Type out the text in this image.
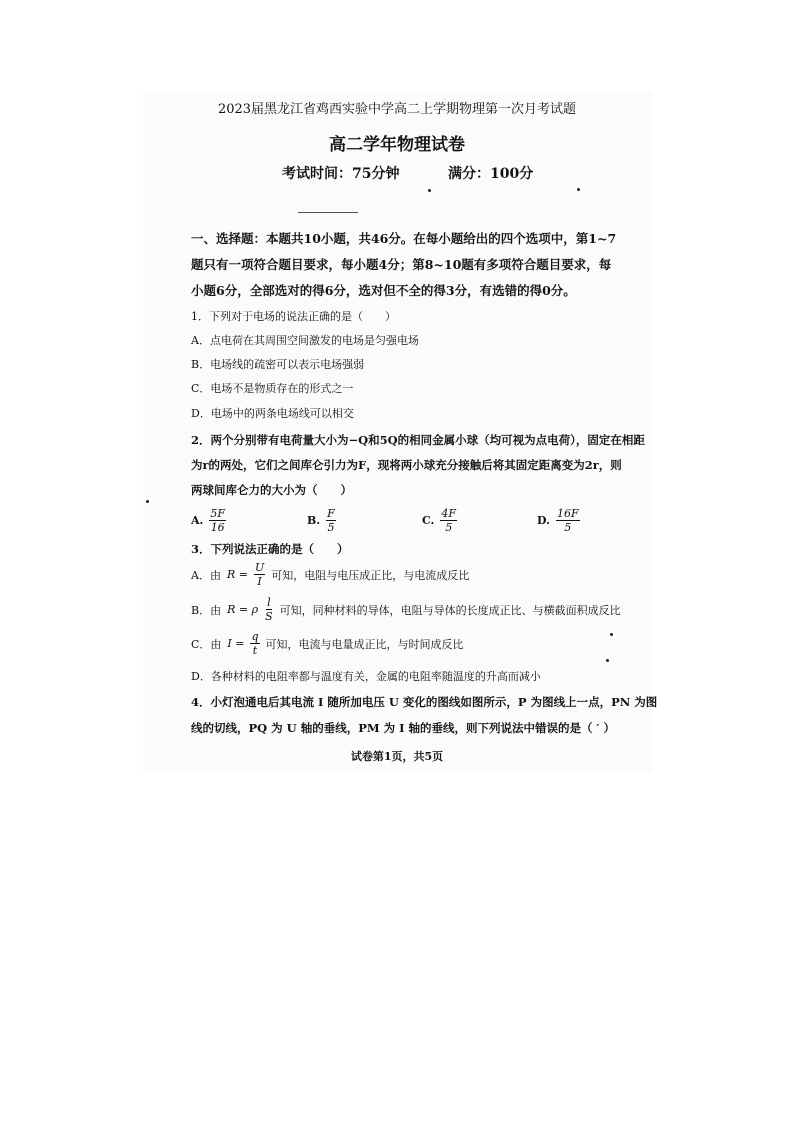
2023届黑龙江省鸡西实验中学高二上学期物理第一次月考试题
高二学年物理试卷
考试时间：75分钟	满分：100分
一、选择题：本题共10小题，共46分。在每小题给出的四个选项中，第1~7
题只有一项符合题目要求，每小题4分；第8~10题有多项符合题目要求，每
小题6分，全部选对的得6分，选对但不全的得3分，有选错的得0分。
1．下列对于电场的说法正确的是（　　）
A．点电荷在其周围空间激发的电场是匀强电场
B．电场线的疏密可以表示电场强弱
C．电场不是物质存在的形式之一
D．电场中的两条电场线可以相交
2．两个分别带有电荷量大小为−Q和5Q的相同金属小球（均可视为点电荷），固定在相距
为r的两处，它们之间库仑引力为F，现将两小球充分接触后将其固定距离变为2r，则
两球间库仑力的大小为（　　）
A. $\frac{5F}{16}$	B. $\frac{F}{5}$	C. $\frac{4F}{5}$	D. $\frac{16F}{5}$
3．下列说法正确的是（　　）
A．由 $R = \frac{U}{I}$ 可知，电阻与电压成正比，与电流成反比
B．由 R = ρ $\frac{l}{S}$ 可知，同种材料的导体，电阻与导体的长度成正比、与横截面积成反比
C．由 $I = \frac{q}{t}$ 可知，电流与电量成正比，与时间成反比
D．各种材料的电阻率都与温度有关，金属的电阻率随温度的升高而减小
4．小灯泡通电后其电流 I 随所加电压 U 变化的图线如图所示，P 为图线上一点，PN 为图
线的切线，PQ 为 U 轴的垂线，PM 为 I 轴的垂线，则下列说法中错误的是（ ′ ）
试卷第1页，共5页
